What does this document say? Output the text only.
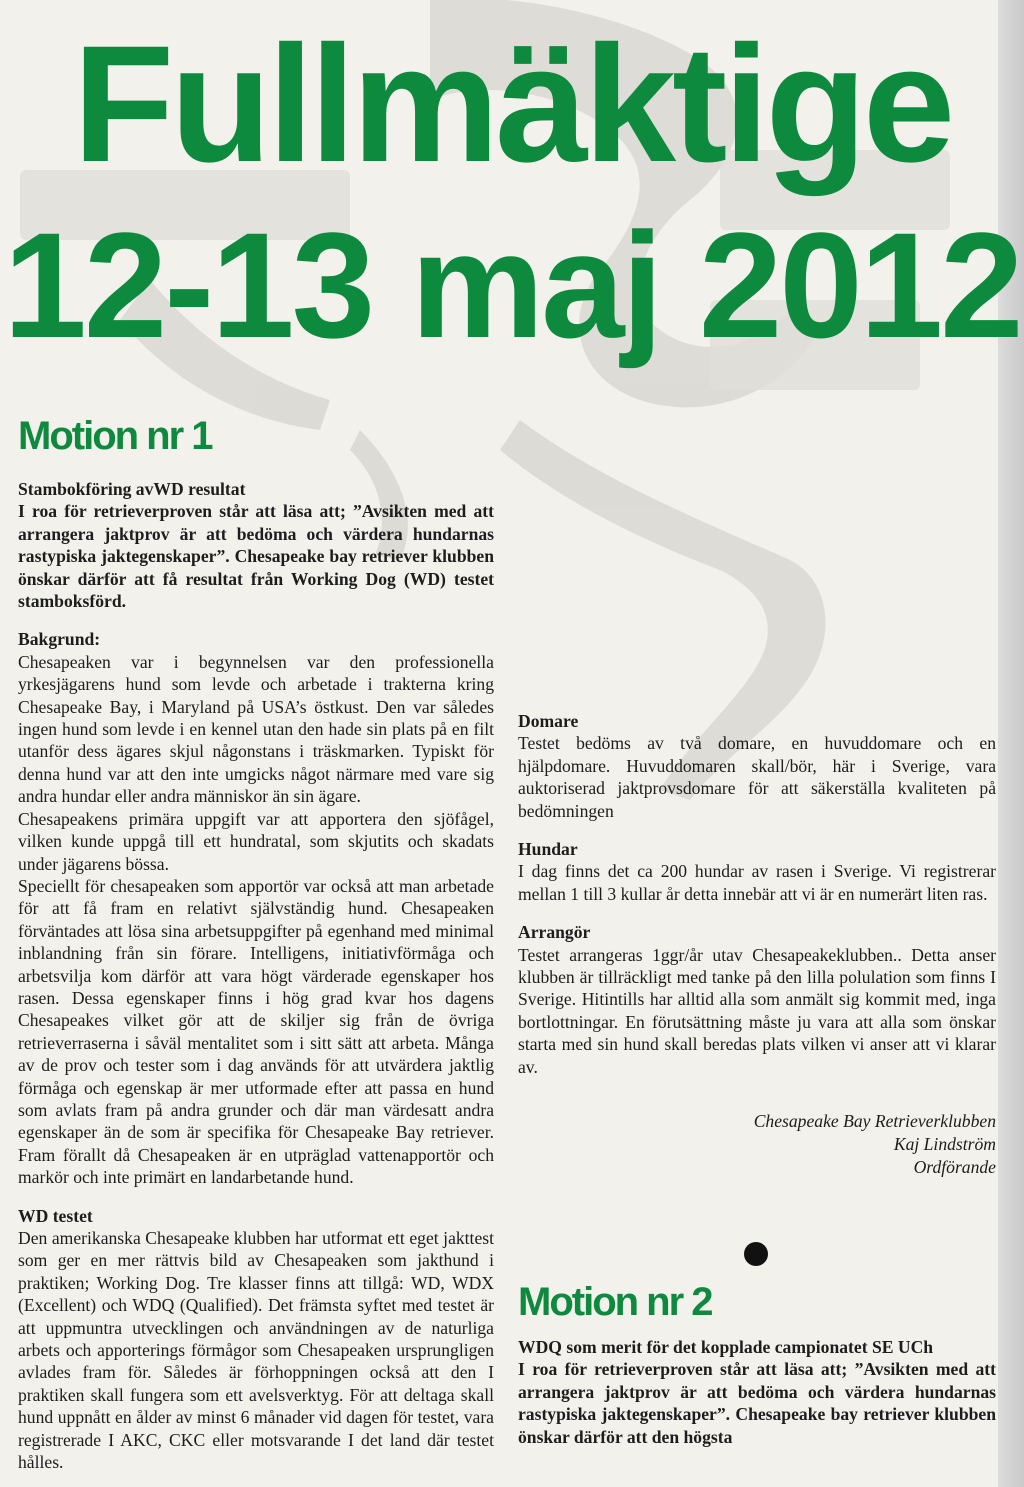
Fullmäktige
12-13 maj 2012
Motion nr 1

Stambokföring avWD resultat

I roa för retrieverproven står att läsa att; ”Avsikten med att arrangera jaktprov är att bedöma och värdera hundarnas rastypiska jaktegenskaper”. Chesapeake bay retriever klubben önskar därför att få resultat från Working Dog (WD) testet stamboksförd.

Bakgrund:

Chesapeaken var i begynnelsen var den professionella yrkesjägarens hund som levde och arbetade i trakterna kring Chesapeake Bay, i Maryland på USA’s östkust. Den var således ingen hund som levde i en kennel utan den hade sin plats på en filt utanför dess ägares skjul någonstans i träskmarken. Typiskt för denna hund var att den inte umgicks något närmare med vare sig andra hundar eller andra människor än sin ägare.

Chesapeakens primära uppgift var att apportera den sjöfågel, vilken kunde uppgå till ett hundratal, som skjutits och skadats under jägarens bössa.

Speciellt för chesapeaken som apportör var också att man arbetade för att få fram en relativt självständig hund. Chesapeaken förväntades att lösa sina arbetsuppgifter på egenhand med minimal inblandning från sin förare. Intelligens, initiativförmåga och arbetsvilja kom därför att vara högt värderade egenskaper hos rasen. Dessa egenskaper finns i hög grad kvar hos dagens Chesapeakes vilket gör att de skiljer sig från de övriga retrieverraserna i såväl mentalitet som i sitt sätt att arbeta. Många av de prov och tester som i dag används för att utvärdera jaktlig förmåga och egenskap är mer utformade efter att passa en hund som avlats fram på andra grunder och där man värdesatt andra egenskaper än de som är specifika för Chesapeake Bay retriever. Fram förallt då Chesapeaken är en utpräglad vattenapportör och markör och inte primärt en landarbetande hund.

WD testet

Den amerikanska Chesapeake klubben har utformat ett eget jakttest som ger en mer rättvis bild av Chesapeaken som jakthund i praktiken; Working Dog. Tre klasser finns att tillgå: WD, WDX (Excellent) och WDQ (Qualified). Det främsta syftet med testet är att uppmuntra utvecklingen och användningen av de naturliga arbets och apporterings förmågor som Chesapeaken ursprungligen avlades fram för. Således är förhoppningen också att den I praktiken skall fungera som ett avelsverktyg. För att deltaga skall hund uppnått en ålder av minst 6 månader vid dagen för testet, vara registrerade I AKC, CKC eller motsvarande I det land där testet hålles.

Domare

Testet bedöms av två domare, en huvuddomare och en hjälpdomare. Huvuddomaren skall/bör, här i Sverige, vara auktoriserad jaktprovsdomare för att säkerställa kvaliteten på bedömningen

Hundar

I dag finns det ca 200 hundar av rasen i Sverige. Vi registrerar mellan 1 till 3 kullar år detta innebär att vi är en numerärt liten ras.

Arrangör

Testet arrangeras 1ggr/år utav Chesapeakeklubben.. Detta anser klubben är tillräckligt med tanke på den lilla polulation som finns I Sverige. Hitintills har alltid alla som anmält sig kommit med, inga bortlottningar. En förutsättning måste ju vara att alla som önskar starta med sin hund skall beredas plats vilken vi anser att vi klarar av.

Chesapeake Bay Retrieverklubben
Kaj Lindström
Ordförande
Motion nr 2

WDQ som merit för det kopplade campionatet SE UCh

I roa för retrieverproven står att läsa att; ”Avsikten med att arrangera jaktprov är att bedöma och värdera hundarnas rastypiska jaktegenskaper”. Chesapeake bay retriever klubben önskar därför att den högsta
